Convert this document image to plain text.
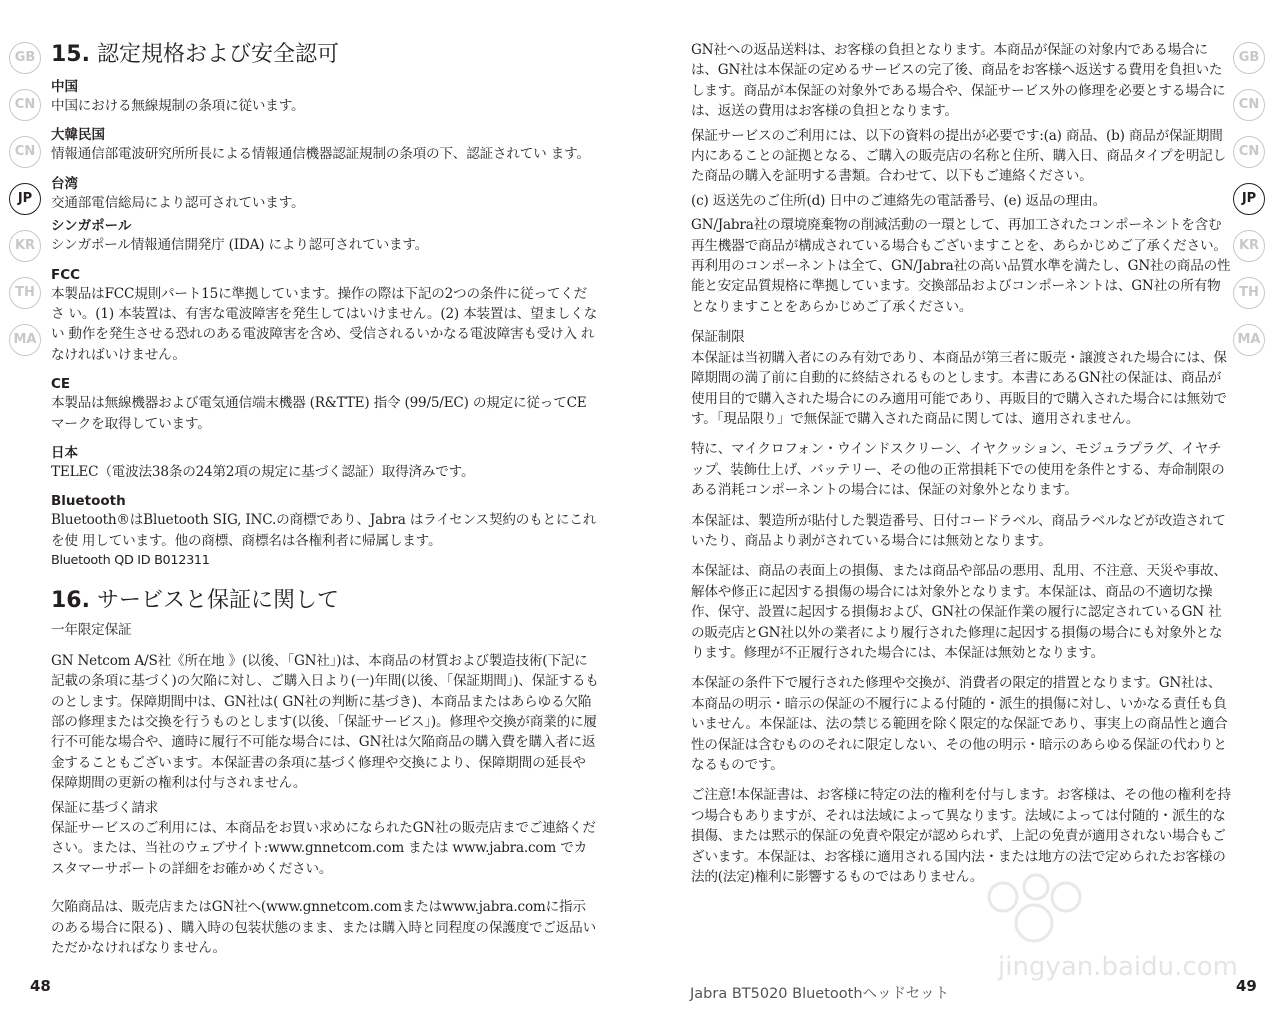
GB
CN
CN
JP
KR
TH
MA
15. 認定規格および安全認可
中国
中国における無線規制の条項に従います。
大韓民国
情報通信部電波研究所所長による情報通信機器認証規制の条項の下、認証されてい ます。
台湾
交通部電信総局により認可されています。
シンガポール
シンガポール情報通信開発庁 (IDA) により認可されています。
FCC
本製品はFCC規則パート15に準拠しています。操作の際は下記の2つの条件に従ってくださ い。(1) 本装置は、有害な電波障害を発生してはいけません。(2) 本装置は、望ましくない 動作を発生させる恐れのある電波障害を含め、受信されるいかなる電波障害も受け入 れなければいけません。
CE
本製品は無線機器および電気通信端末機器 (R&TTE) 指令 (99/5/EC) の規定に従ってCE マークを取得しています。
日本
TELEC（電波法38条の24第2項の規定に基づく認証）取得済みです。
Bluetooth
Bluetooth®はBluetooth SIG, INC.の商標であり、Jabra はライセンス契約のもとにこれを使 用しています。他の商標、商標名は各権利者に帰属します。
Bluetooth QD ID B012311
16. サービスと保証に関して
一年限定保証
GN Netcom A/S社《所在地 》(以後、「GN社」)は、本商品の材質および製造技術(下記に記載の条項に基づく)の欠陥に対し、ご購入日より(一)年間(以後、「保証期間」)、保証するものとします。保障期間中は、GN社は( GN社の判断に基づき)、本商品またはあらゆる欠陥部の修理または交換を行うものとします(以後、「保証サービス」)。修理や交換が商業的に履行不可能な場合や、適時に履行不可能な場合には、GN社は欠陥商品の購入費を購入者に返金することもございます。本保証書の条項に基づく修理や交換により、保障期間の延長や保障期間の更新の権利は付与されません。
保証に基づく請求
保証サービスのご利用には、本商品をお買い求めになられたGN社の販売店までご連絡ください。または、当社のウェブサイト:www.gnnetcom.com または www.jabra.com でカスタマーサポートの詳細をお確かめください。
欠陥商品は、販売店またはGN社へ(www.gnnetcom.comまたはwww.jabra.comに指示のある場合に限る) 、購入時の包装状態のまま、または購入時と同程度の保護度でご返品いただかなければなりません。
48
GN社への返品送料は、お客様の負担となります。本商品が保証の対象内である場合には、GN社は本保証の定めるサービスの完了後、商品をお客様へ返送する費用を負担いたします。商品が本保証の対象外である場合や、保証サービス外の修理を必要とする場合には、返送の費用はお客様の負担となります。
保証サービスのご利用には、以下の資料の提出が必要です:(a) 商品、(b) 商品が保証期間内にあることの証拠となる、ご購入の販売店の名称と住所、購入日、商品タイプを明記した商品の購入を証明する書類。合わせて、以下もご連絡ください。
(c) 返送先のご住所(d) 日中のご連絡先の電話番号、(e) 返品の理由。
GN/Jabra社の環境廃棄物の削減活動の一環として、再加工されたコンポーネントを含む再生機器で商品が構成されている場合もございますことを、あらかじめご了承ください。再利用のコンポーネントは全て、GN/Jabra社の高い品質水準を満たし、GN社の商品の性能と安定品質規格に準拠しています。交換部品およびコンポーネントは、GN社の所有物となりますことをあらかじめご了承ください。
保証制限
本保証は当初購入者にのみ有効であり、本商品が第三者に販売・譲渡された場合には、保障期間の満了前に自動的に終結されるものとします。本書にあるGN社の保証は、商品が使用目的で購入された場合にのみ適用可能であり、再販目的で購入された場合には無効です。「現品限り」で無保証で購入された商品に関しては、適用されません。
特に、マイクロフォン・ウインドスクリーン、イヤクッション、モジュラプラグ、イヤチップ、装飾仕上げ、バッテリー、その他の正常損耗下での使用を条件とする、寿命制限のある消耗コンポーネントの場合には、保証の対象外となります。
本保証は、製造所が貼付した製造番号、日付コードラベル、商品ラベルなどが改造されていたり、商品より剥がされている場合には無効となります。
本保証は、商品の表面上の損傷、または商品や部品の悪用、乱用、不注意、天災や事故、解体や修正に起因する損傷の場合には対象外となります。本保証は、商品の不適切な操作、保守、設置に起因する損傷および、GN社の保証作業の履行に認定されているGN 社の販売店とGN社以外の業者により履行された修理に起因する損傷の場合にも対象外となります。修理が不正履行された場合には、本保証は無効となります。
本保証の条件下で履行された修理や交換が、消費者の限定的措置となります。GN社は、本商品の明示・暗示の保証の不履行による付随的・派生的損傷に対し、いかなる責任も負いません。本保証は、法の禁じる範囲を除く限定的な保証であり、事実上の商品性と適合性の保証は含むもののそれに限定しない、その他の明示・暗示のあらゆる保証の代わりとなるものです。
ご注意!本保証書は、お客様に特定の法的権利を付与します。お客様は、その他の権利を持つ場合もありますが、それは法域によって異なります。法域によっては付随的・派生的な損傷、または黙示的保証の免責や限定が認められず、上記の免責が適用されない場合もございます。本保証は、お客様に適用される国内法・または地方の法で定められたお客様の法的(法定)権利に影響するものではありません。
GB
CN
CN
JP
KR
TH
MA
Jabra BT5020 Bluetoothヘッドセット	49
jingyan.baidu.com
